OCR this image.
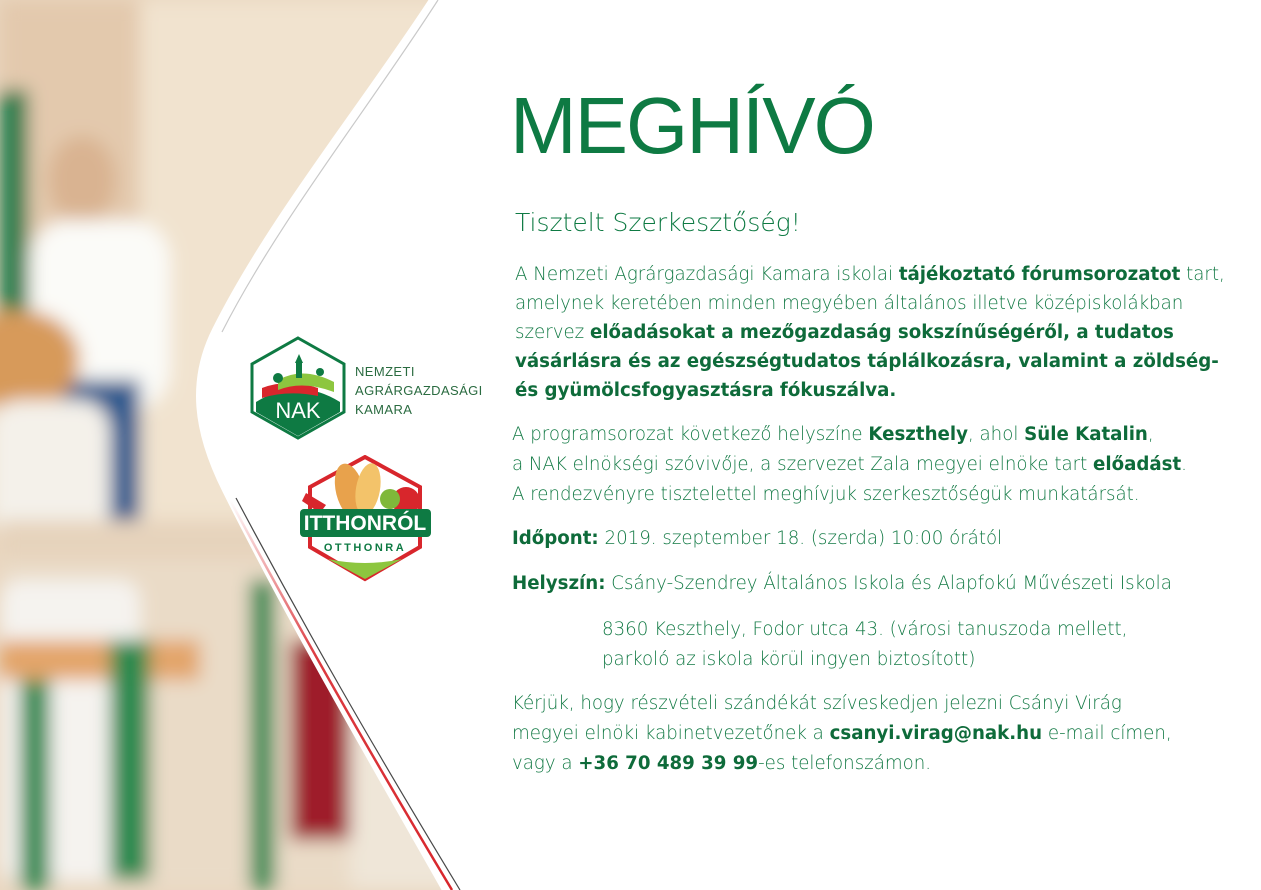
NAK
NEMZETI
AGRÁRGAZDASÁGI
KAMARA
ITTHONRÓL
OTTHONRA
MEGHÍVÓ
Tisztelt Szerkesztőség!
A Nemzeti Agrárgazdasági Kamara iskolai tájékoztató fórumsorozatot tart,
amelynek keretében minden megyében általános illetve középiskolákban
szervez előadásokat a mezőgazdaság sokszínűségéről, a tudatos
vásárlásra és az egészségtudatos táplálkozásra, valamint a zöldség-
és gyümölcsfogyasztásra fókuszálva.
A programsorozat következő helyszíne Keszthely, ahol Süle Katalin,
a NAK elnökségi szóvivője, a szervezet Zala megyei elnöke tart előadást.
A rendezvényre tisztelettel meghívjuk szerkesztőségük munkatársát.
Időpont: 2019. szeptember 18. (szerda) 10:00 órától
Helyszín: Csány-Szendrey Általános Iskola és Alapfokú Művészeti Iskola
8360 Keszthely, Fodor utca 43. (városi tanuszoda mellett,
parkoló az iskola körül ingyen biztosított)
Kérjük, hogy részvételi szándékát szíveskedjen jelezni Csányi Virág
megyei elnöki kabinetvezetőnek a csanyi.virag@nak.hu e-mail címen,
vagy a +36 70 489 39 99-es telefonszámon.
